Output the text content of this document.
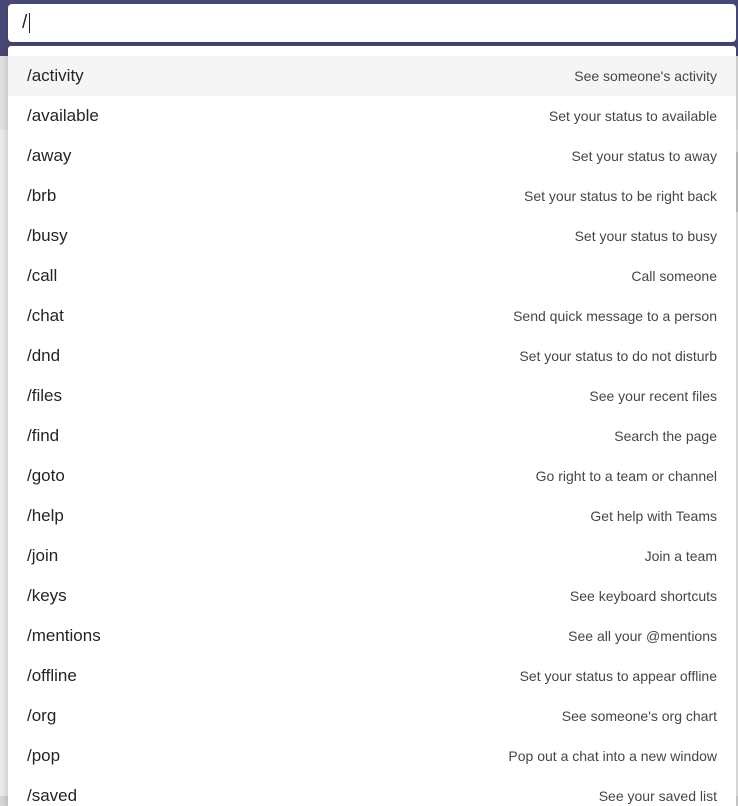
/
/activity	See someone's activity
/available	Set your status to available
/away	Set your status to away
/brb	Set your status to be right back
/busy	Set your status to busy
/call	Call someone
/chat	Send quick message to a person
/dnd	Set your status to do not disturb
/files	See your recent files
/find	Search the page
/goto	Go right to a team or channel
/help	Get help with Teams
/join	Join a team
/keys	See keyboard shortcuts
/mentions	See all your @mentions
/offline	Set your status to appear offline
/org	See someone's org chart
/pop	Pop out a chat into a new window
/saved	See your saved list
